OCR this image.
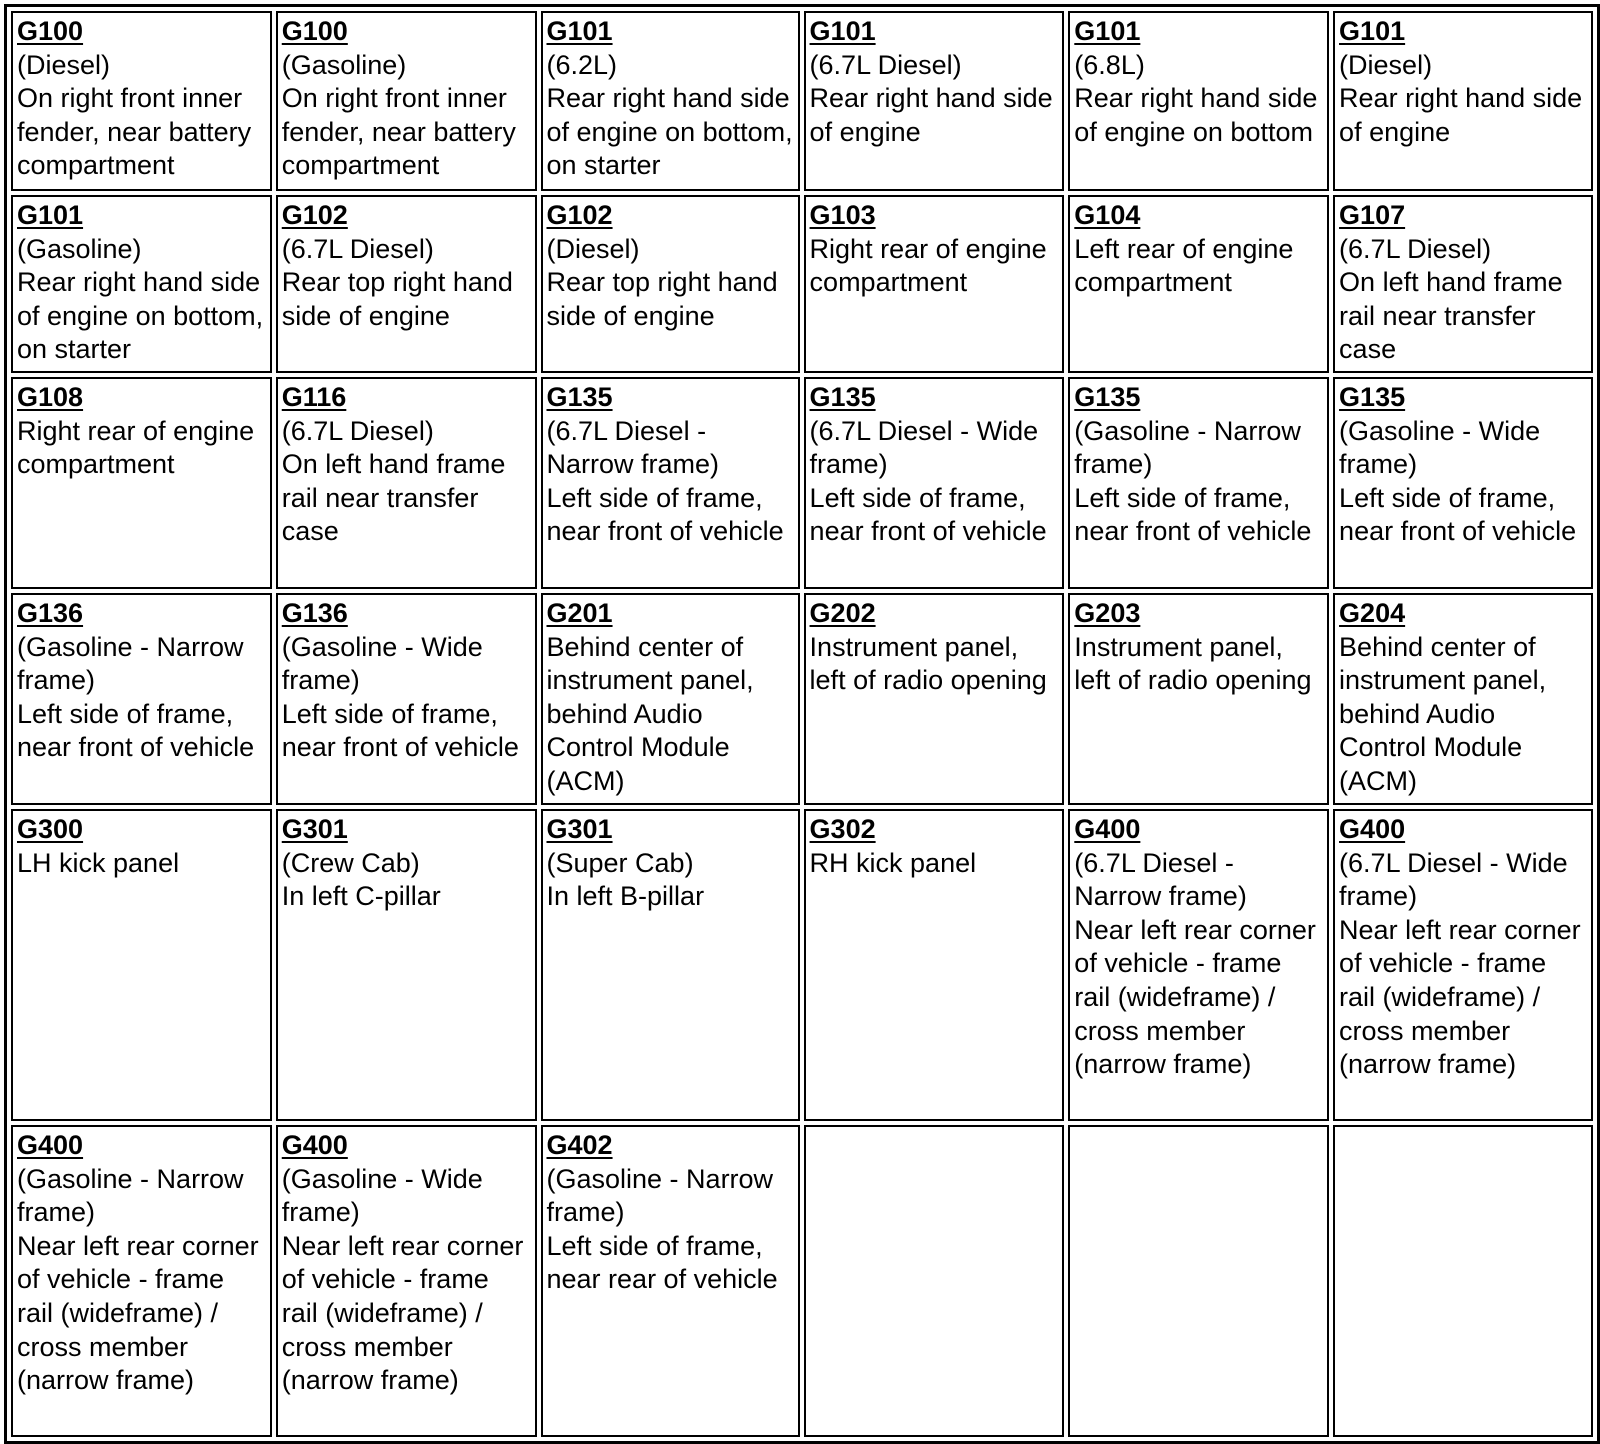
G100
(Diesel)
On right front inner fender, near battery compartment	G100
(Gasoline)
On right front inner fender, near battery compartment	G101
(6.2L)
Rear right hand side of engine on bottom, on starter	G101
(6.7L Diesel)
Rear right hand side of engine	G101
(6.8L)
Rear right hand side of engine on bottom	G101
(Diesel)
Rear right hand side of engine

G101
(Gasoline)
Rear right hand side of engine on bottom, on starter	G102
(6.7L Diesel)
Rear top right hand side of engine	G102
(Diesel)
Rear top right hand side of engine	G103
Right rear of engine compartment	G104
Left rear of engine compartment	G107
(6.7L Diesel)
On left hand frame rail near transfer case

G108
Right rear of engine compartment	G116
(6.7L Diesel)
On left hand frame rail near transfer case	G135
(6.7L Diesel - Narrow frame)
Left side of frame, near front of vehicle	G135
(6.7L Diesel - Wide frame)
Left side of frame, near front of vehicle	G135
(Gasoline - Narrow frame)
Left side of frame, near front of vehicle	G135
(Gasoline - Wide frame)
Left side of frame, near front of vehicle

G136
(Gasoline - Narrow frame)
Left side of frame, near front of vehicle	G136
(Gasoline - Wide frame)
Left side of frame, near front of vehicle	G201
Behind center of instrument panel, behind Audio Control Module (ACM)	G202
Instrument panel, left of radio opening	G203
Instrument panel, left of radio opening	G204
Behind center of instrument panel, behind Audio Control Module (ACM)

G300
LH kick panel	G301
(Crew Cab)
In left C-pillar	G301
(Super Cab)
In left B-pillar	G302
RH kick panel	G400
(6.7L Diesel - Narrow frame)
Near left rear corner of vehicle - frame rail (wideframe) / cross member (narrow frame)	G400
(6.7L Diesel - Wide frame)
Near left rear corner of vehicle - frame rail (wideframe) / cross member (narrow frame)

G400
(Gasoline - Narrow frame)
Near left rear corner of vehicle - frame rail (wideframe) / cross member (narrow frame)	G400
(Gasoline - Wide frame)
Near left rear corner of vehicle - frame rail (wideframe) / cross member (narrow frame)	G402
(Gasoline - Narrow frame)
Left side of frame, near rear of vehicle			
